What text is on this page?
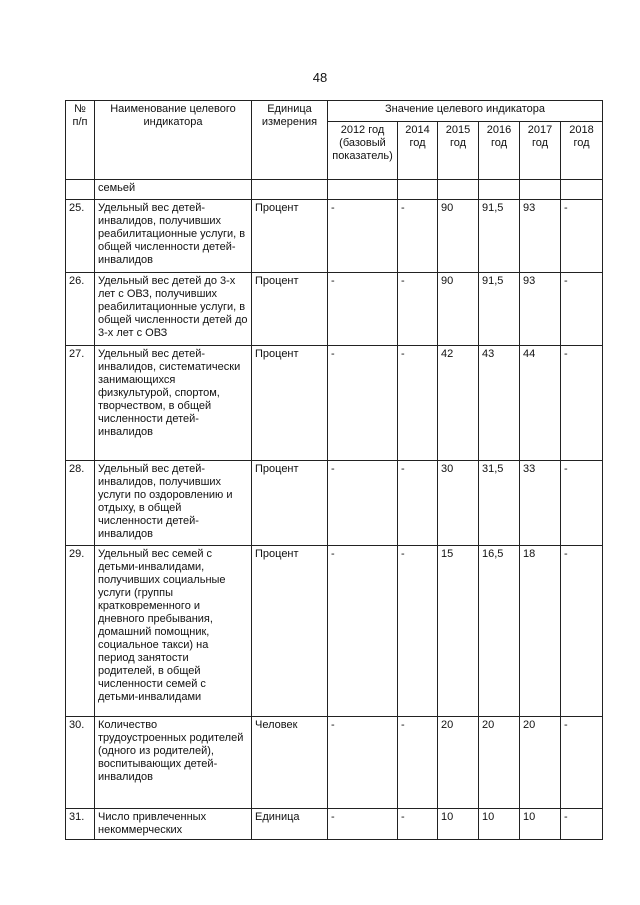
48
№ п/п	Наименование целевого индикатора	Единица измерения	Значение целевого индикатора					
			2012 год (базовый показатель)	2014 год	2015 год	2016 год	2017 год	2018 год
	семьей							
25.	Удельный вес детей-инвалидов, получивших реабилитационные услуги, в общей численности детей-инвалидов	Процент	-	-	90	91,5	93	-
26.	Удельный вес детей до 3-х лет с ОВЗ, получивших реабилитационные услуги, в общей численности детей до 3-х лет с ОВЗ	Процент	-	-	90	91,5	93	-
27.	Удельный вес детей-инвалидов, систематически занимающихся физкультурой, спортом, творчеством, в общей численности детей-инвалидов	Процент	-	-	42	43	44	-
28.	Удельный вес детей-инвалидов, получивших услуги по оздоровлению и отдыху, в общей численности детей-инвалидов	Процент	-	-	30	31,5	33	-
29.	Удельный вес семей с детьми-инвалидами, получивших социальные услуги (группы кратковременного и дневного пребывания, домашний помощник, социальное такси) на период занятости родителей, в общей численности семей с детьми-инвалидами	Процент	-	-	15	16,5	18	-
30.	Количество трудоустроенных родителей (одного из родителей), воспитывающих детей-инвалидов	Человек	-	-	20	20	20	-
31.	Число привлеченных некоммерческих	Единица	-	-	10	10	10	-
